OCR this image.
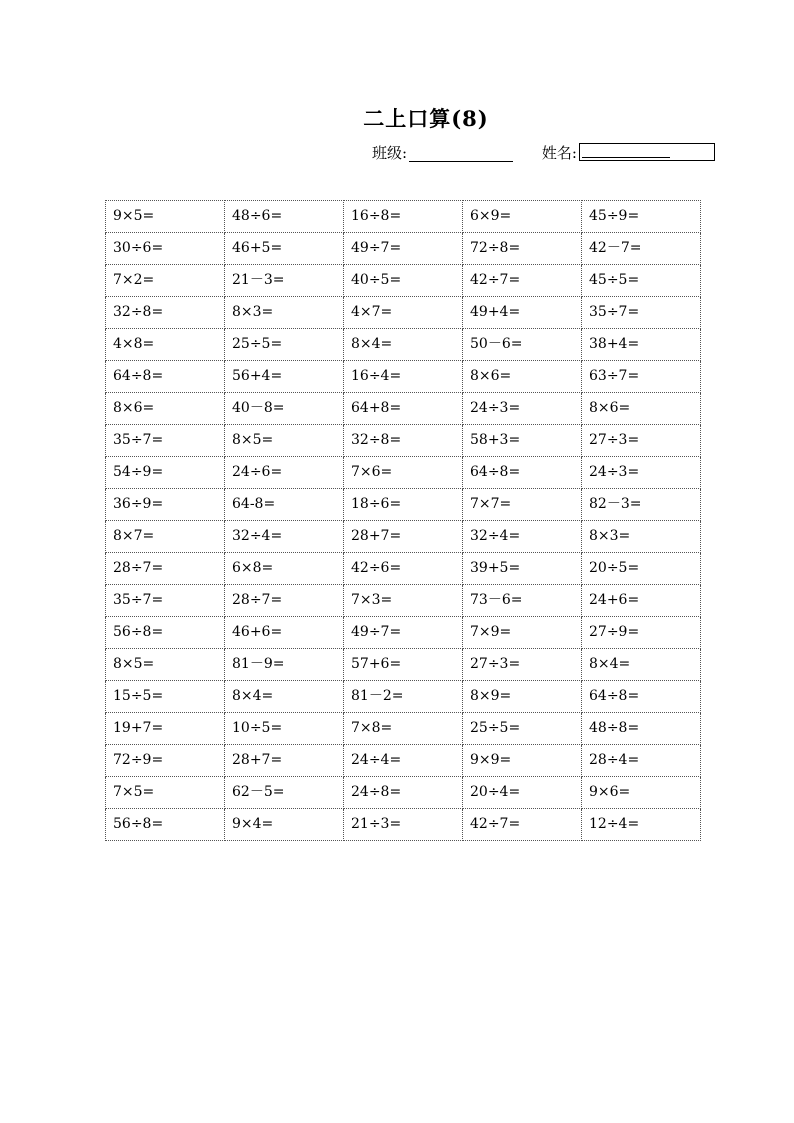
二上口算(8)
班级:	姓名:
9×5=	48÷6=	16÷8=	6×9=	45÷9=
30÷6=	46+5=	49÷7=	72÷8=	42－7=
7×2=	21－3=	40÷5=	42÷7=	45÷5=
32÷8=	8×3=	4×7=	49+4=	35÷7=
4×8=	25÷5=	8×4=	50－6=	38+4=
64÷8=	56+4=	16÷4=	8×6=	63÷7=
8×6=	40－8=	64+8=	24÷3=	8×6=
35÷7=	8×5=	32÷8=	58+3=	27÷3=
54÷9=	24÷6=	7×6=	64÷8=	24÷3=
36÷9=	64-8=	18÷6=	7×7=	82－3=
8×7=	32÷4=	28+7=	32÷4=	8×3=
28÷7=	6×8=	42÷6=	39+5=	20÷5=
35÷7=	28÷7=	7×3=	73－6=	24+6=
56÷8=	46+6=	49÷7=	7×9=	27÷9=
8×5=	81－9=	57+6=	27÷3=	8×4=
15÷5=	8×4=	81－2=	8×9=	64÷8=
19+7=	10÷5=	7×8=	25÷5=	48÷8=
72÷9=	28+7=	24÷4=	9×9=	28÷4=
7×5=	62－5=	24÷8=	20÷4=	9×6=
56÷8=	9×4=	21÷3=	42÷7=	12÷4=
